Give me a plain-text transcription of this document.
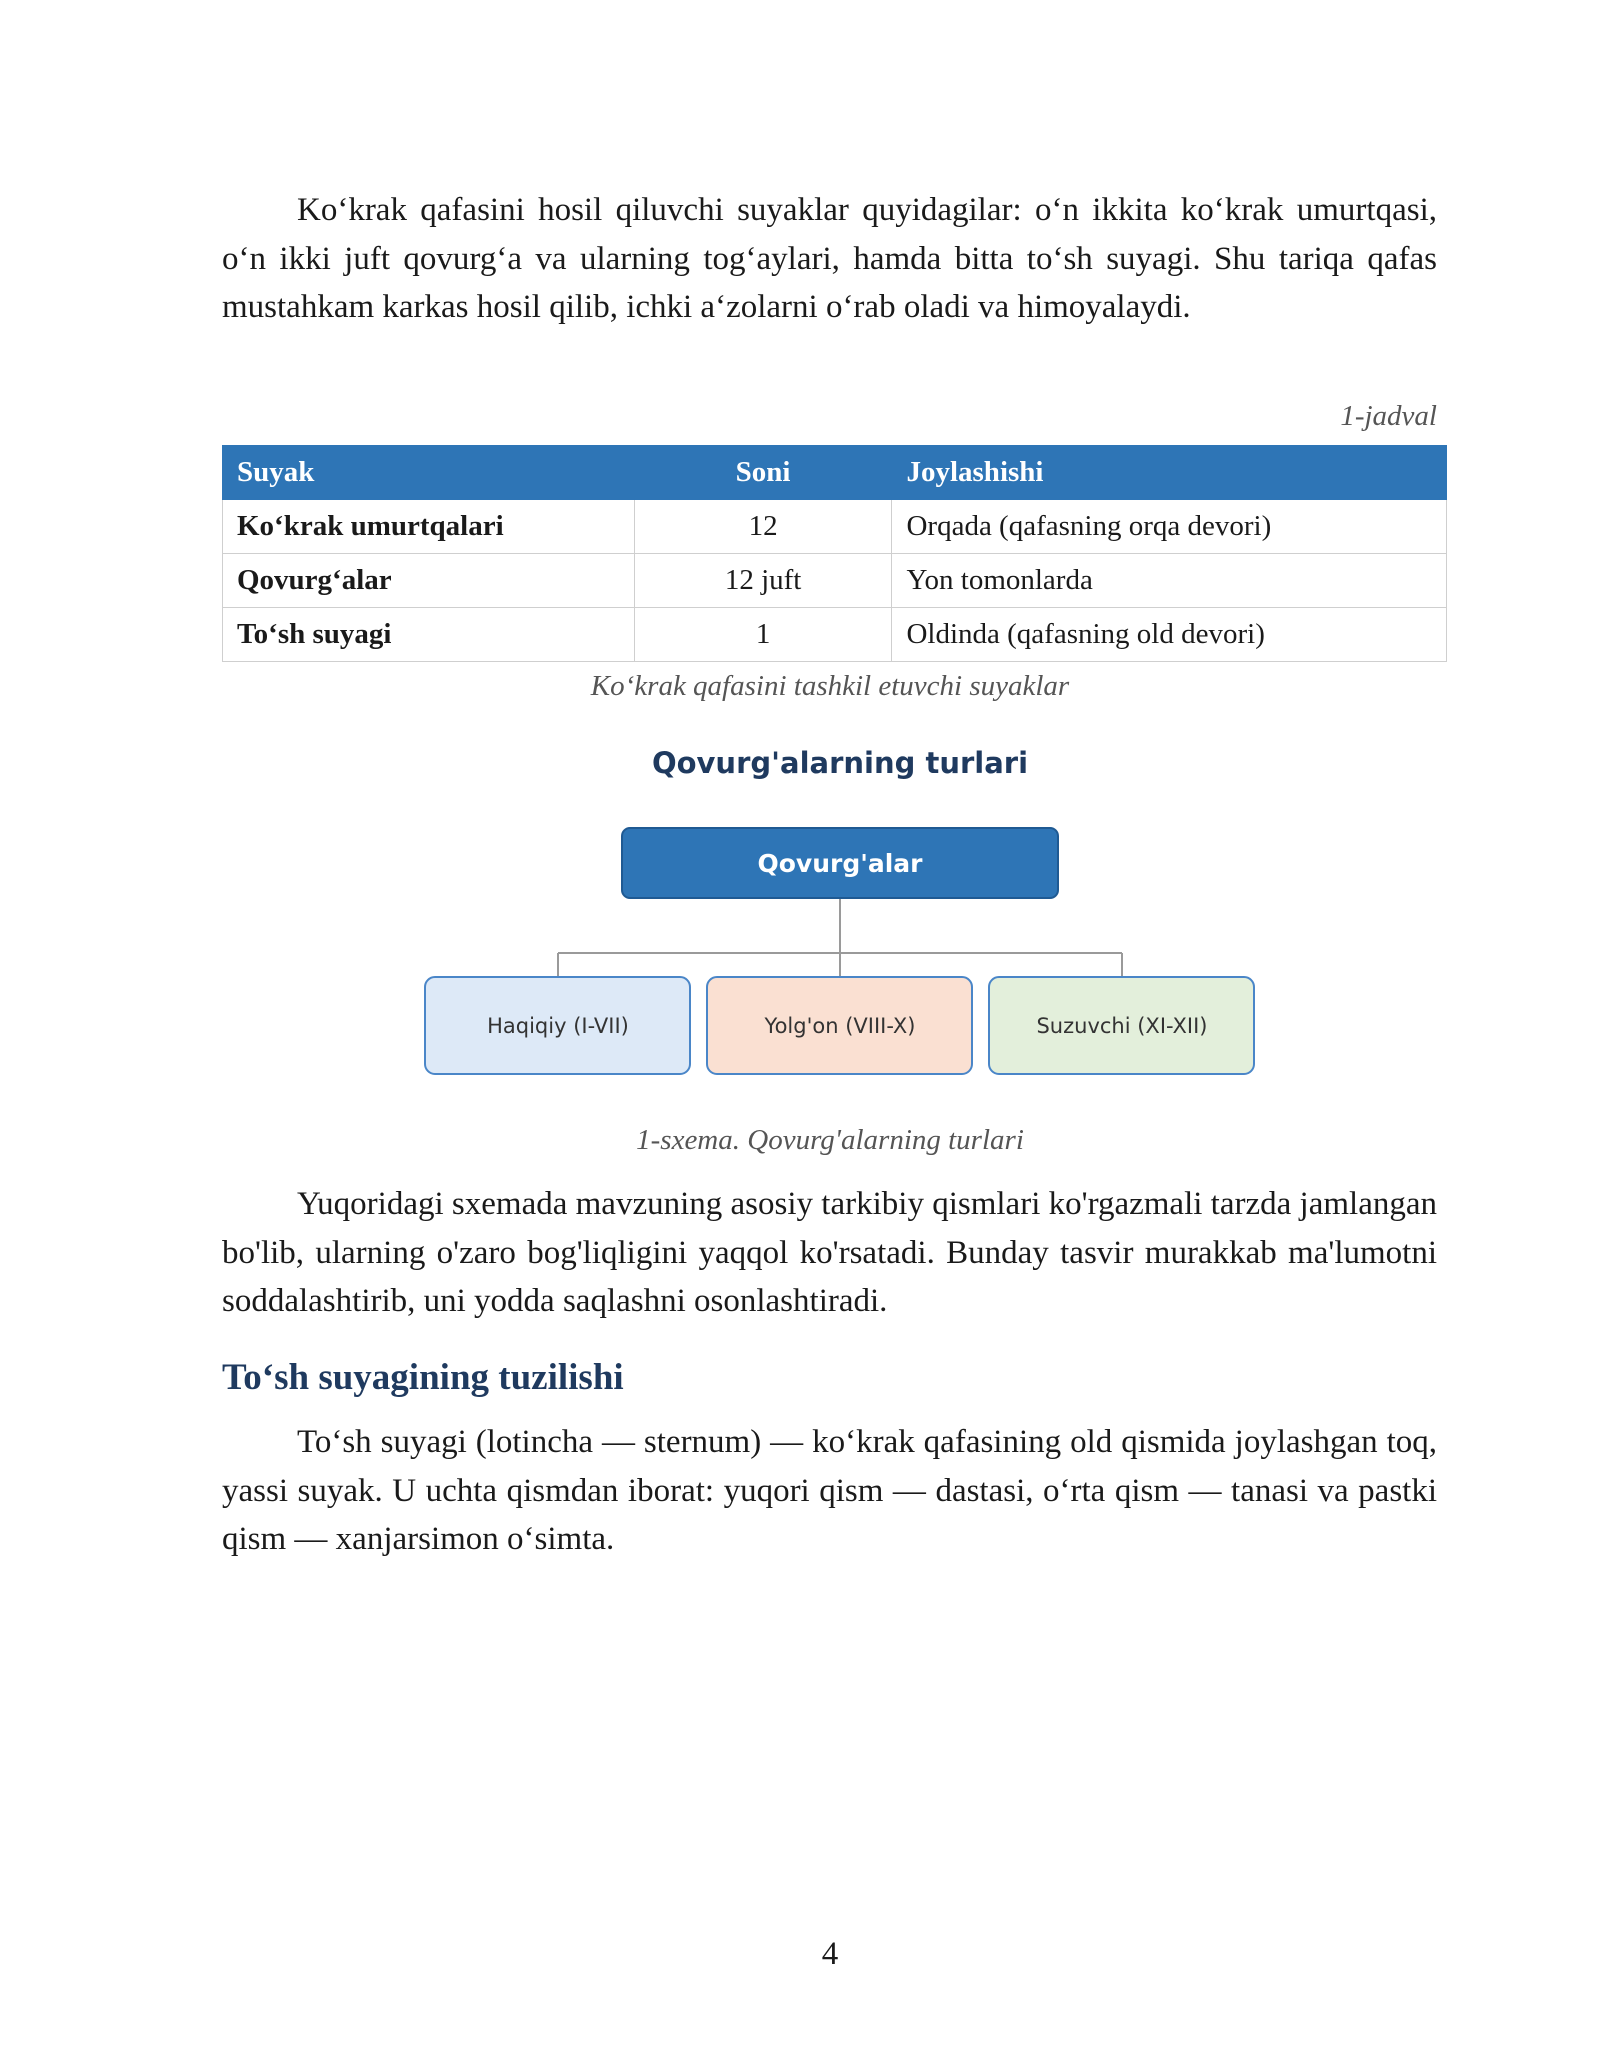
Ko‘krak qafasini hosil qiluvchi suyaklar quyidagilar: o‘n ikkita ko‘krak umurtqasi, o‘n ikki juft qovurg‘a va ularning tog‘aylari, hamda bitta to‘sh suyagi. Shu tariqa qafas mustahkam karkas hosil qilib, ichki a‘zolarni o‘rab oladi va himoyalaydi.

1-jadval
Suyak	Soni	Joylashishi
Ko‘krak umurtqalari	12	Orqada (qafasning orqa devori)
Qovurg‘alar	12 juft	Yon tomonlarda
To‘sh suyagi	1	Oldinda (qafasning old devori)
Ko‘krak qafasini tashkil etuvchi suyaklar
Qovurg'alarning turlari
Qovurg'alar
Haqiqiy (I-VII)	Yolg'on (VIII-X)	Suzuvchi (XI-XII)
1-sxema. Qovurg'alarning turlari

Yuqoridagi sxemada mavzuning asosiy tarkibiy qismlari ko'rgazmali tarzda jamlangan bo'lib, ularning o'zaro bog'liqligini yaqqol ko'rsatadi. Bunday tasvir murakkab ma'lumotni soddalashtirib, uni yodda saqlashni osonlashtiradi.

To‘sh suyagining tuzilishi

To‘sh suyagi (lotincha — sternum) — ko‘krak qafasining old qismida joylashgan toq, yassi suyak. U uchta qismdan iborat: yuqori qism — dastasi, o‘rta qism — tanasi va pastki qism — xanjarsimon o‘simta.

4
